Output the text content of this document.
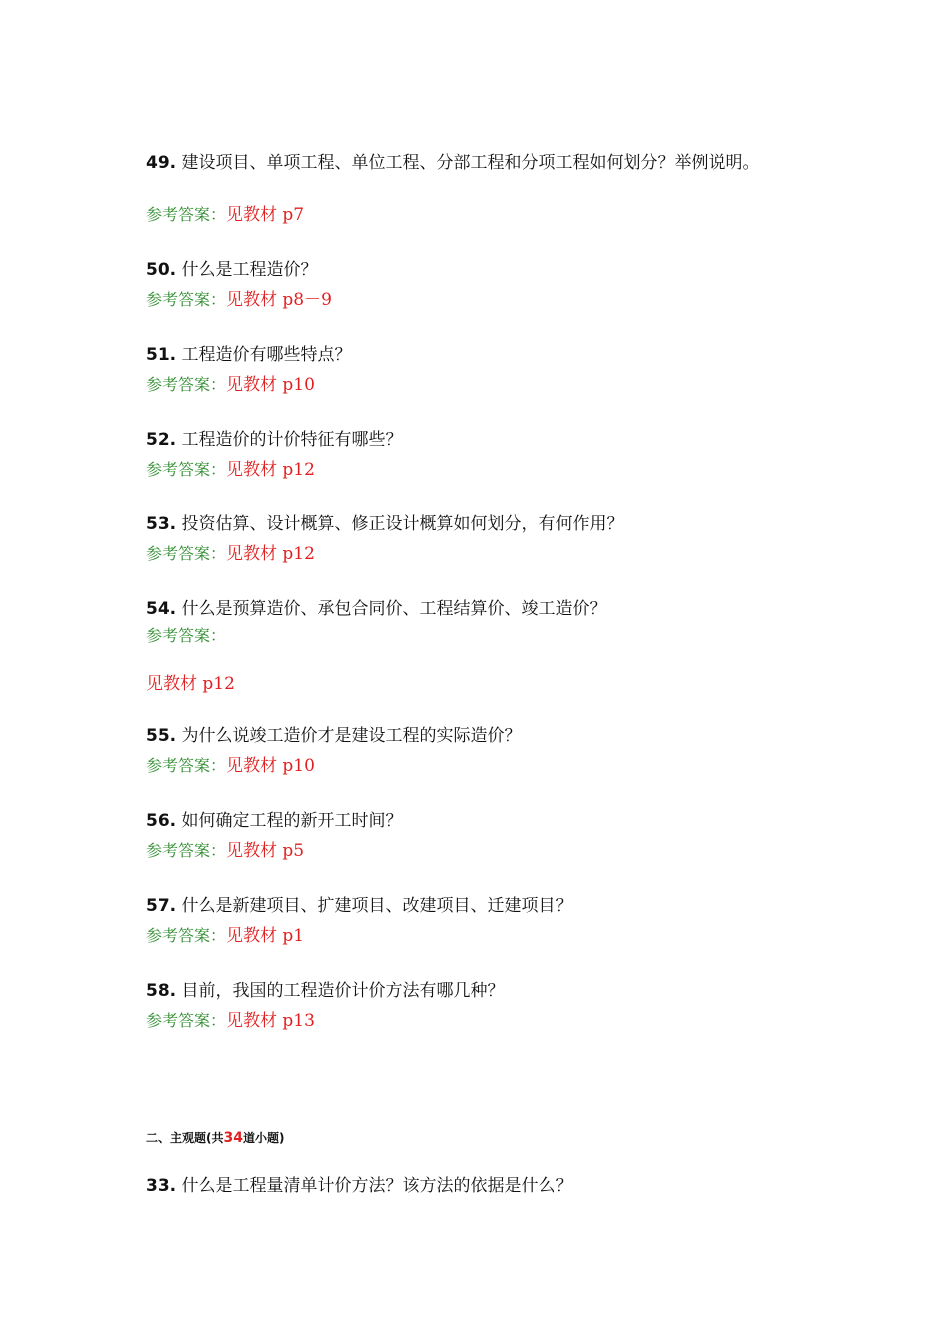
49. 建设项目、单项工程、单位工程、分部工程和分项工程如何划分？举例说明。
参考答案：见教材 p7
50. 什么是工程造价？
参考答案：见教材 p8－9
51. 工程造价有哪些特点？
参考答案：见教材 p10
52. 工程造价的计价特征有哪些？
参考答案：见教材 p12
53. 投资估算、设计概算、修正设计概算如何划分，有何作用？
参考答案：见教材 p12
54. 什么是预算造价、承包合同价、工程结算价、竣工造价？
参考答案：
见教材 p12
55. 为什么说竣工造价才是建设工程的实际造价？
参考答案：见教材 p10
56. 如何确定工程的新开工时间？
参考答案：见教材 p5
57. 什么是新建项目、扩建项目、改建项目、迁建项目？
参考答案：见教材 p1
58. 目前，我国的工程造价计价方法有哪几种？
参考答案：见教材 p13
二、主观题(共34道小题)
33. 什么是工程量清单计价方法？该方法的依据是什么？
